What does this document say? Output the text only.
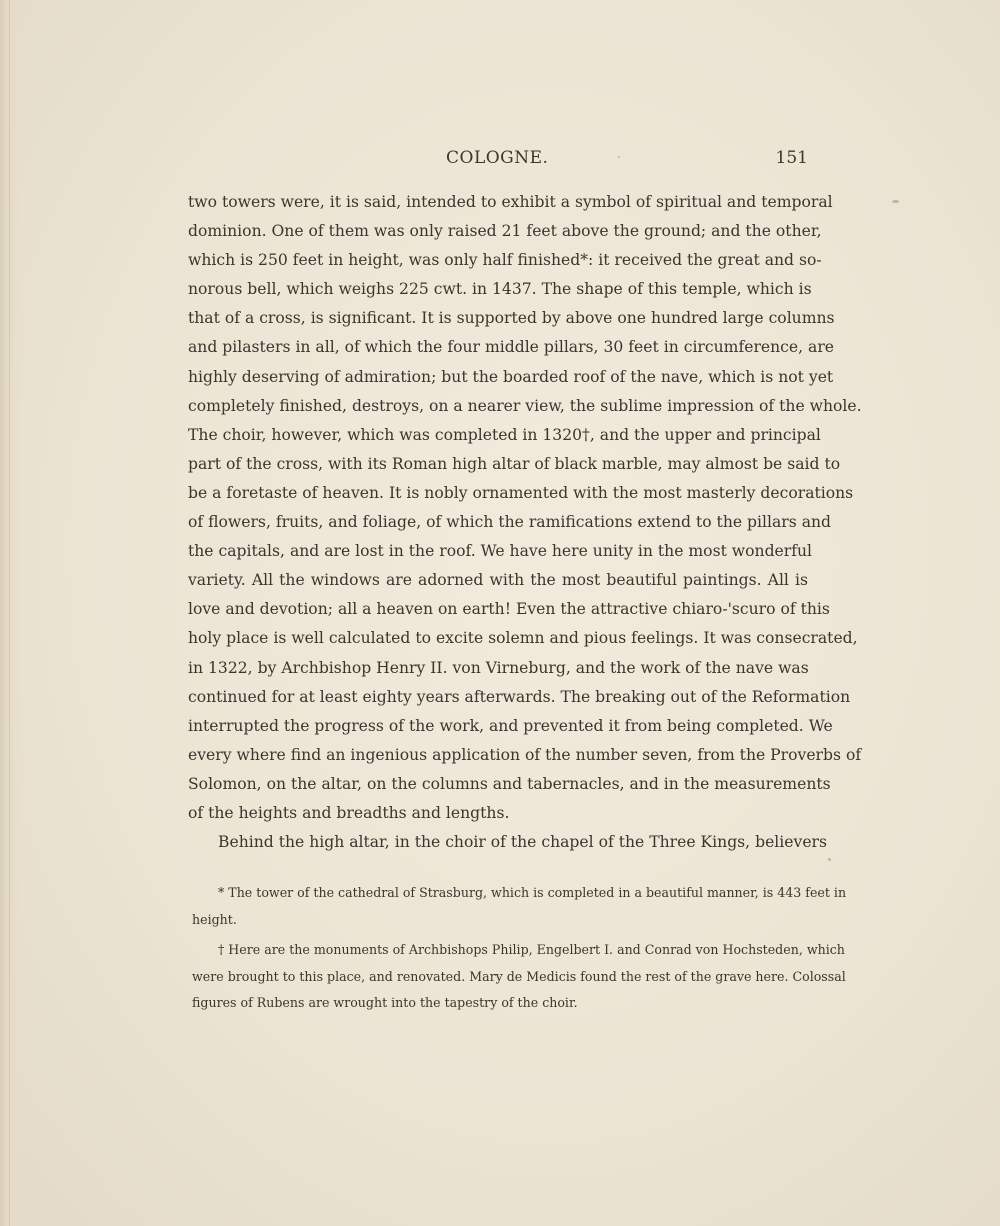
COLOGNE.	151
two towers were, it is said, intended to exhibit a symbol of spiritual and temporal
dominion. One of them was only raised 21 feet above the ground; and the other,
which is 250 feet in height, was only half finished*: it received the great and so-
norous bell, which weighs 225 cwt. in 1437. The shape of this temple, which is
that of a cross, is significant. It is supported by above one hundred large columns
and pilasters in all, of which the four middle pillars, 30 feet in circumference, are
highly deserving of admiration; but the boarded roof of the nave, which is not yet
completely finished, destroys, on a nearer view, the sublime impression of the whole.
The choir, however, which was completed in 1320†, and the upper and principal
part of the cross, with its Roman high altar of black marble, may almost be said to
be a foretaste of heaven. It is nobly ornamented with the most masterly decorations
of flowers, fruits, and foliage, of which the ramifications extend to the pillars and
the capitals, and are lost in the roof. We have here unity in the most wonderful
variety. All the windows are adorned with the most beautiful paintings. All is
love and devotion; all a heaven on earth! Even the attractive chiaro-'scuro of this
holy place is well calculated to excite solemn and pious feelings. It was consecrated,
in 1322, by Archbishop Henry II. von Virneburg, and the work of the nave was
continued for at least eighty years afterwards. The breaking out of the Reformation
interrupted the progress of the work, and prevented it from being completed. We
every where find an ingenious application of the number seven, from the Proverbs of
Solomon, on the altar, on the columns and tabernacles, and in the measurements
of the heights and breadths and lengths.
Behind the high altar, in the choir of the chapel of the Three Kings, believers
* The tower of the cathedral of Strasburg, which is completed in a beautiful manner, is 443 feet in
height.
† Here are the monuments of Archbishops Philip, Engelbert I. and Conrad von Hochsteden, which
were brought to this place, and renovated. Mary de Medicis found the rest of the grave here. Colossal
figures of Rubens are wrought into the tapestry of the choir.
